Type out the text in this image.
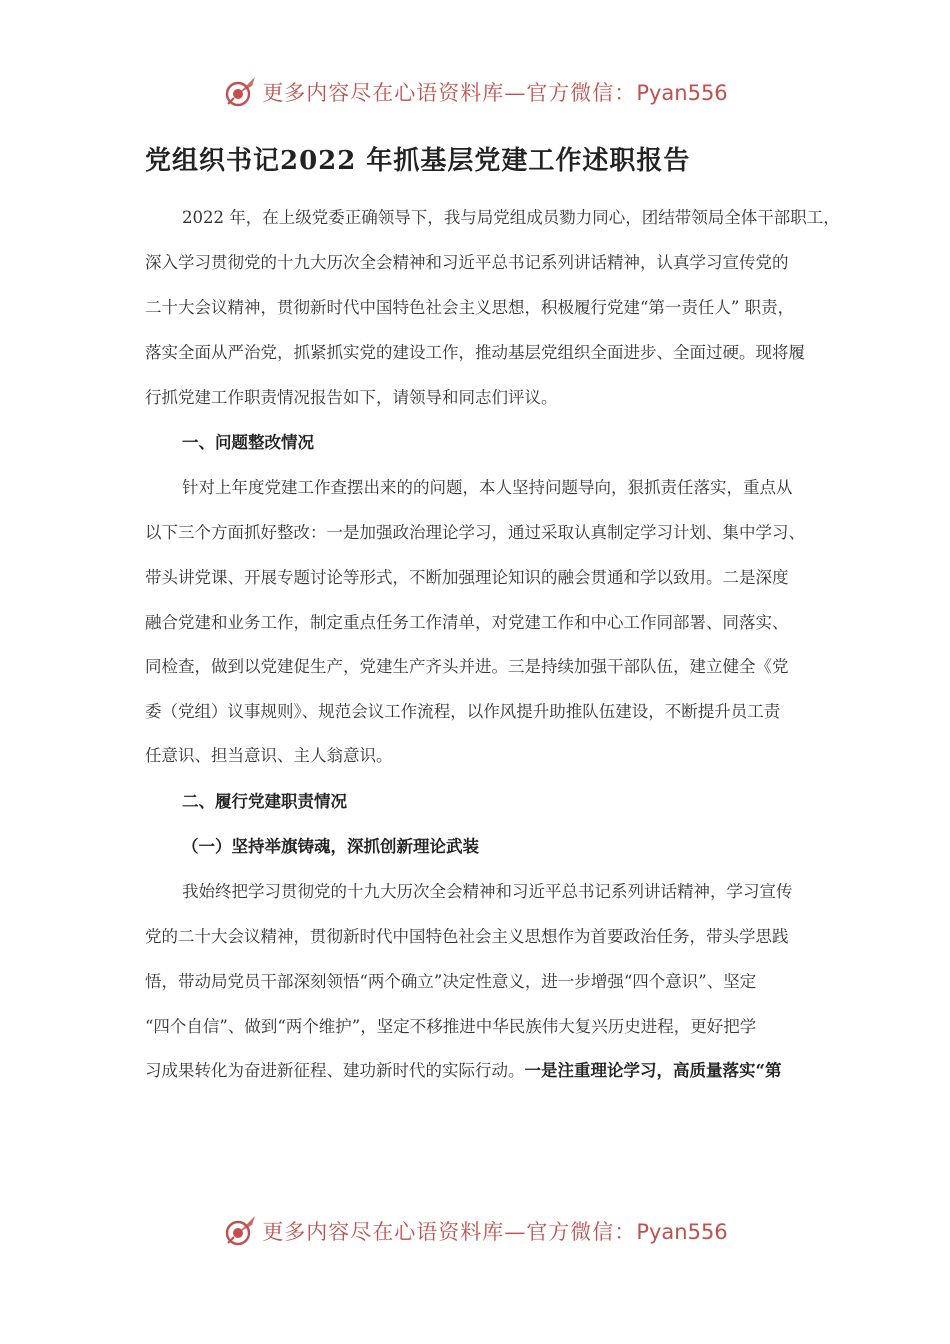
更多内容尽在心语资料库—官方微信：Pyan556
党组织书记2022 年抓基层党建工作述职报告
2022 年，在上级党委正确领导下，我与局党组成员勠力同心，团结带领局全体干部职工，
深入学习贯彻党的十九大历次全会精神和习近平总书记系列讲话精神，认真学习宣传党的
二十大会议精神，贯彻新时代中国特色社会主义思想，积极履行党建“第一责任人” 职责，
落实全面从严治党，抓紧抓实党的建设工作，推动基层党组织全面进步、全面过硬。现将履
行抓党建工作职责情况报告如下，请领导和同志们评议。
一、问题整改情况
针对上年度党建工作查摆出来的的问题，本人坚持问题导向，狠抓责任落实，重点从
以下三个方面抓好整改：一是加强政治理论学习，通过采取认真制定学习计划、集中学习、
带头讲党课、开展专题讨论等形式，不断加强理论知识的融会贯通和学以致用。二是深度
融合党建和业务工作，制定重点任务工作清单，对党建工作和中心工作同部署、同落实、
同检查，做到以党建促生产，党建生产齐头并进。三是持续加强干部队伍，建立健全《党
委（党组）议事规则》、规范会议工作流程，以作风提升助推队伍建设，不断提升员工责
任意识、担当意识、主人翁意识。
二、履行党建职责情况
（一）坚持举旗铸魂，深抓创新理论武装
我始终把学习贯彻党的十九大历次全会精神和习近平总书记系列讲话精神，学习宣传
党的二十大会议精神，贯彻新时代中国特色社会主义思想作为首要政治任务，带头学思践
悟，带动局党员干部深刻领悟“两个确立”决定性意义，进一步增强“四个意识”、坚定
“四个自信”、做到“两个维护”，坚定不移推进中华民族伟大复兴历史进程，更好把学
习成果转化为奋进新征程、建功新时代的实际行动。一是注重理论学习，高质量落实“第
更多内容尽在心语资料库—官方微信：Pyan556
